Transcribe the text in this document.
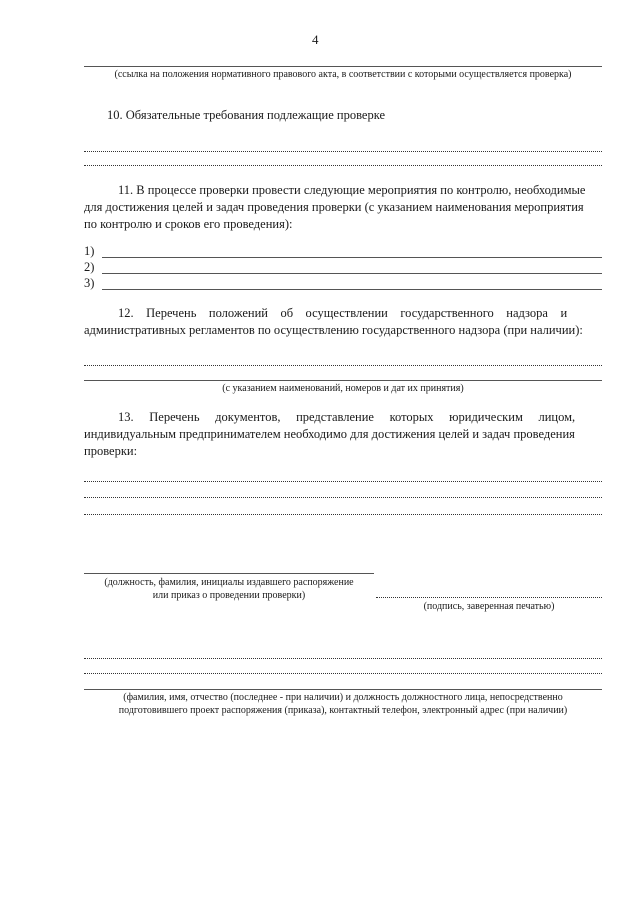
4
(ссылка на положения нормативного правового акта, в соответствии с которыми осуществляется проверка)
10. Обязательные требования подлежащие проверке
11. В процессе проверки провести следующие мероприятия по контролю, необходимые
для достижения целей и задач проведения проверки (с указанием наименования мероприятия
по контролю и сроков его проведения):
1)
2)
3)
12.    Перечень    положений    об    осуществлении    государственного    надзора    и
административных регламентов по осуществлению государственного надзора (при наличии):
(с указанием наименований, номеров и дат их принятия)
13.     Перечень     документов,     представление     которых     юридическим     лицом,
индивидуальным предпринимателем необходимо для достижения целей и задач проведения
проверки:
(должность, фамилия, инициалы издавшего распоряжение
или приказ о проведении проверки)
(подпись, заверенная печатью)
(фамилия, имя, отчество (последнее - при наличии) и должность должностного лица, непосредственно
подготовившего проект распоряжения (приказа), контактный телефон, электронный адрес (при наличии)
